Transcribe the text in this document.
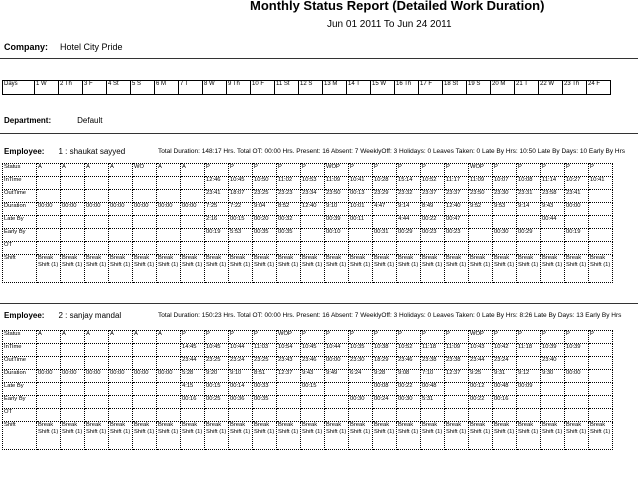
Monthly Status Report (Detailed Work Duration)
Jun 01 2011 To Jun 24 2011
Company: Hotel City Pride
Days	1 W	2 Th	3 F	4 St	5 S	6 M	7 T	8 W	9 Th	10 F	11 St	12 S	13 M	14 T	15 W	16 Th	17 F	18 St	19 S	20 M	21 T	22 W	23 Th	24 F
Department:	Default
Employee: 1 : shaukat sayyed	Total Duration: 148:17 Hrs. Total OT: 00:00 Hrs. Present: 16 Absent: 7 WeeklyOff: 3 Holidays: 0 Leaves Taken: 0 Late By Hrs: 10:50 Late By Days: 10 Early By Hrs
Status	A	A	A	A	WO	A	A	P	P	P	P	P	WOP	P	P	P	P	P	WOP	P	P	P	P	P
InTime								12:46	10:45	10:50	11:02	10:53	11:09	10:41	10:28	15:14	10:52	11:17	11:09	10:07	10:08	11:14	10:27	10:41
OutTime								23:41	18:07	23:25	23:23	23:34	23:50	00:13	23:29	23:32	23:37	23:37	23:50	23:30	23:31	23:58	23:41	
Duration	00:00	00:00	00:00	00:00	00:00	00:00	00:00	7:25	7:22	9:04	8:52	12:40	9:10	10:01	4:47	9:14	8:49	12:40	9:52	9:53	9:14	9:43	00:00	
Late By								2:16	00:15	00:20	00:32		00:39	00:11		4:44	00:22	00:47				00:44		
Early By								00:19	5:53	00:35	00:35		00:10		00:31	00:29	00:23	00:23		00:30	00:29		00:19	
OT																								
Shift	Break Shift (1)	Break Shift (1)	Break Shift (1)	Break Shift (1)	Break Shift (1)	Break Shift (1)	Break Shift (1)	Break Shift (1)	Break Shift (1)	Break Shift (1)	Break Shift (1)	Break Shift (1)	Break Shift (1)	Break Shift (1)	Break Shift (1)	Break Shift (1)	Break Shift (1)	Break Shift (1)	Break Shift (1)	Break Shift (1)	Break Shift (1)	Break Shift (1)	Break Shift (1)	Break Shift (1)
Employee: 2 : sanjay mandal	Total Duration: 150:23 Hrs. Total OT: 00:00 Hrs. Present: 16 Absent: 7 WeeklyOff: 3 Holidays: 0 Leaves Taken: 0 Late By Hrs: 8:26 Late By Days: 13 Early By Hrs
Status	A	A	A	A	A	A	P	P	P	P	WOP	P	P	P	P	P	P	P	WOP	P	P	P	P	P
InTime							14:45	10:45	10:44	11:03	10:54	10:45	10:44	10:35	10:38	10:52	11:18	11:09	10:43	10:42	11:18	10:39	10:39	
OutTime							23:44	23:25	23:24	23:25	23:43	23:46	00:00	23:30	18:29	23:46	23:38	23:38	23:44	23:24		23:40		
Duration	00:00	00:00	00:00	00:00	00:00	00:00	5:28	9:20	9:10	8:51	12:37	9:43	9:49	6:24	9:28	9:08	7:10	12:37	9:25	9:31	9:12	9:30	00:00	
Late By							4:15	00:15	00:14	00:33		00:15			00:08	00:22	00:48		00:12	00:48	00:09			
Early By							00:16	00:25	00:36	00:35				00:30	00:24	00:30	5:31		00:22	00:16				
OT																								
Shift	Break Shift (1)	Break Shift (1)	Break Shift (1)	Break Shift (1)	Break Shift (1)	Break Shift (1)	Break Shift (1)	Break Shift (1)	Break Shift (1)	Break Shift (1)	Break Shift (1)	Break Shift (1)	Break Shift (1)	Break Shift (1)	Break Shift (1)	Break Shift (1)	Break Shift (1)	Break Shift (1)	Break Shift (1)	Break Shift (1)	Break Shift (1)	Break Shift (1)	Break Shift (1)	Break Shift (1)
